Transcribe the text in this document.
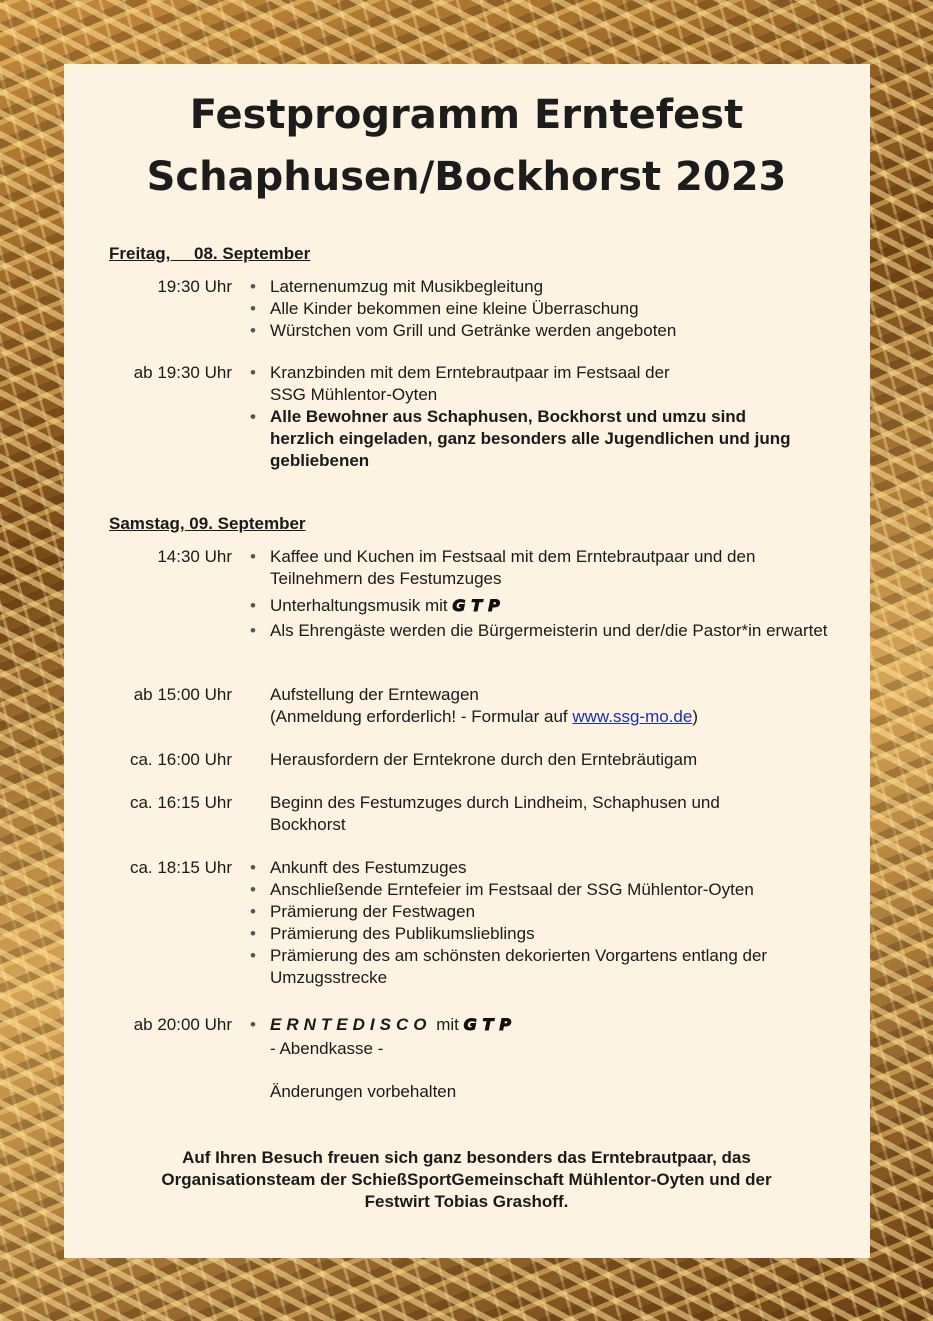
Festprogramm Erntefest
Schaphusen/Bockhorst 2023
Freitag,     08. September
19:30 Uhr	• Laternenumzug mit Musikbegleitung
• Alle Kinder bekommen eine kleine Überraschung
• Würstchen vom Grill und Getränke werden angeboten
ab 19:30 Uhr	• Kranzbinden mit dem Erntebrautpaar im Festsaal der SSG Mühlentor-Oyten
• Alle Bewohner aus Schaphusen, Bockhorst und umzu sind herzlich eingeladen, ganz besonders alle Jugendlichen und jung gebliebenen
Samstag, 09. September
14:30 Uhr	• Kaffee und Kuchen im Festsaal mit dem Erntebrautpaar und den Teilnehmern des Festumzuges
• Unterhaltungsmusik mit GTP
• Als Ehrengäste werden die Bürgermeisterin und der/die Pastor*in erwartet
ab 15:00 Uhr	Aufstellung der Erntewagen
(Anmeldung erforderlich! - Formular auf www.ssg-mo.de)
ca. 16:00 Uhr	Herausfordern der Erntekrone durch den Erntebräutigam
ca. 16:15 Uhr	Beginn des Festumzuges durch Lindheim, Schaphusen und Bockhorst
ca. 18:15 Uhr	• Ankunft des Festumzuges
• Anschließende Erntefeier im Festsaal der SSG Mühlentor-Oyten
• Prämierung der Festwagen
• Prämierung des Publikumslieblings
• Prämierung des am schönsten dekorierten Vorgartens entlang der Umzugsstrecke
ab 20:00 Uhr	• ERNTEDISCO mit GTP
- Abendkasse -
Änderungen vorbehalten
Auf Ihren Besuch freuen sich ganz besonders das Erntebrautpaar, das
Organisationsteam der SchießSportGemeinschaft Mühlentor-Oyten und der
Festwirt Tobias Grashoff.
